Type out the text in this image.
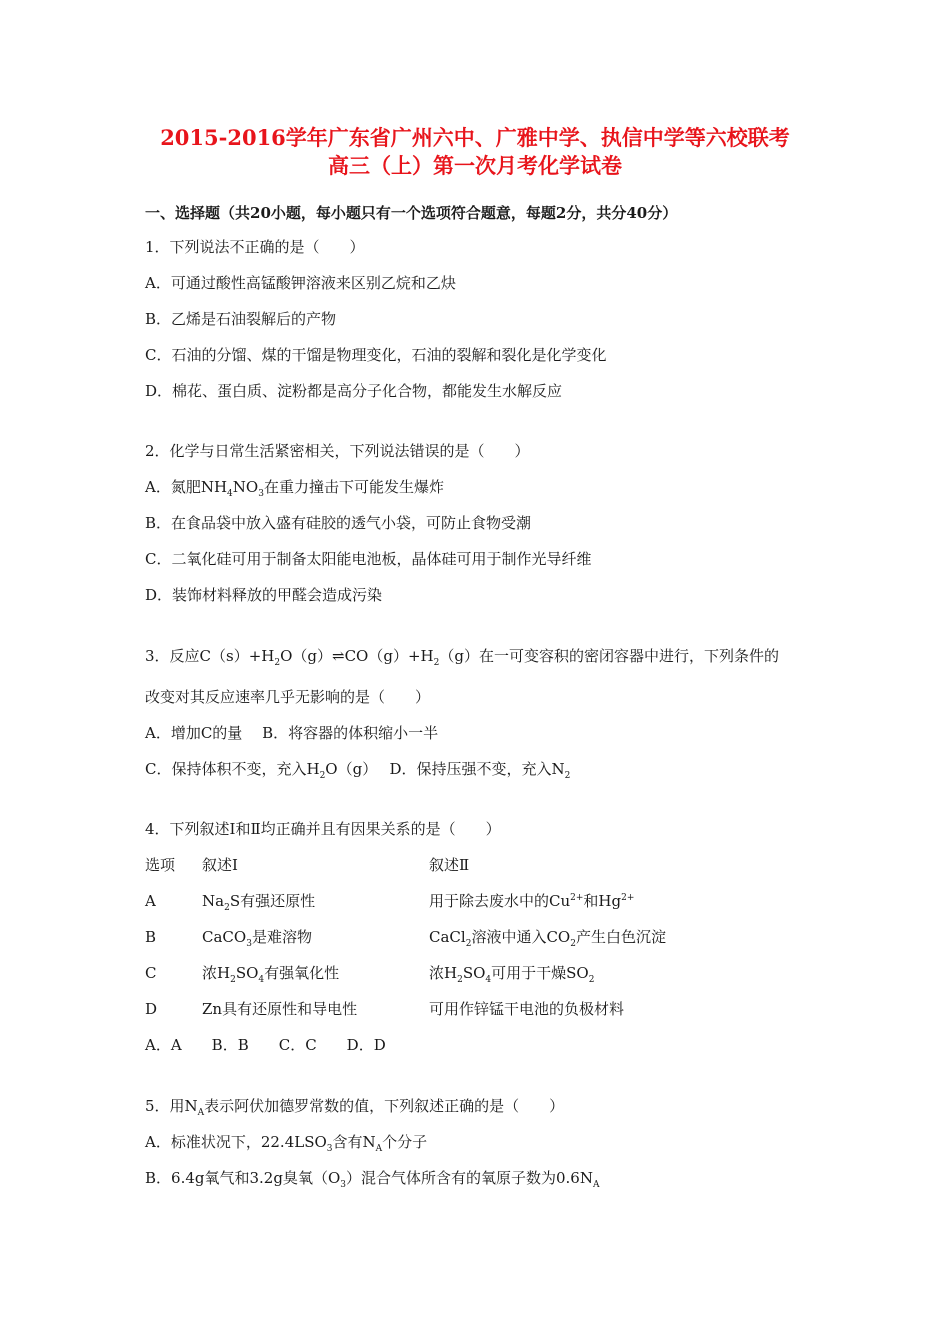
2015-2016学年广东省广州六中、广雅中学、执信中学等六校联考
高三（上）第一次月考化学试卷
一、选择题（共20小题，每小题只有一个选项符合题意，每题2分，共分40分）
1．下列说法不正确的是（　　）
A．可通过酸性高锰酸钾溶液来区别乙烷和乙炔
B．乙烯是石油裂解后的产物
C．石油的分馏、煤的干馏是物理变化，石油的裂解和裂化是化学变化
D．棉花、蛋白质、淀粉都是高分子化合物，都能发生水解反应
2．化学与日常生活紧密相关，下列说法错误的是（　　）
A．氮肥$NH_4NO_3$在重力撞击下可能发生爆炸
B．在食品袋中放入盛有硅胶的透气小袋，可防止食物受潮
C．二氧化硅可用于制备太阳能电池板，晶体硅可用于制作光导纤维
D．装饰材料释放的甲醛会造成污染
3．反应$C(s)+H_2O(g)\rightleftharpoons CO(g)+H_2(g)$在一可变容积的密闭容器中进行，下列条件的
改变对其反应速率几乎无影响的是（　　）
A．增加C的量　 B．将容器的体积缩小一半
C．保持体积不变，充入$H_2O(g)$　 D．保持压强不变，充入$N_2$
4．下列叙述Ⅰ和Ⅱ均正确并且有因果关系的是（　　）
选项 叙述Ⅰ	叙述Ⅱ
A	$Na_2S$有强还原性	用于除去废水中的$Cu^{2+}$和$Hg^{2+}$
B	CaCO$_3$是难溶物	CaCl$_2$溶液中通入$CO_2$产生白色沉淀
C	浓$H_2SO_4$有强氧化性	浓$H_2SO_4$可用于干燥$SO_2$
D	Zn具有还原性和导电性	可用作锌锰干电池的负极材料
A．A　　B．B　　C．C　　D．D
5．用$N_A$表示阿伏加德罗常数的值，下列叙述正确的是（　　）
A．标准状况下，$22.4LSO_3$含有$N_A$个分子
B．6.4g氧气和3.2g臭氧$(O_3)$混合气体所含有的氧原子数为$0.6N_A$
